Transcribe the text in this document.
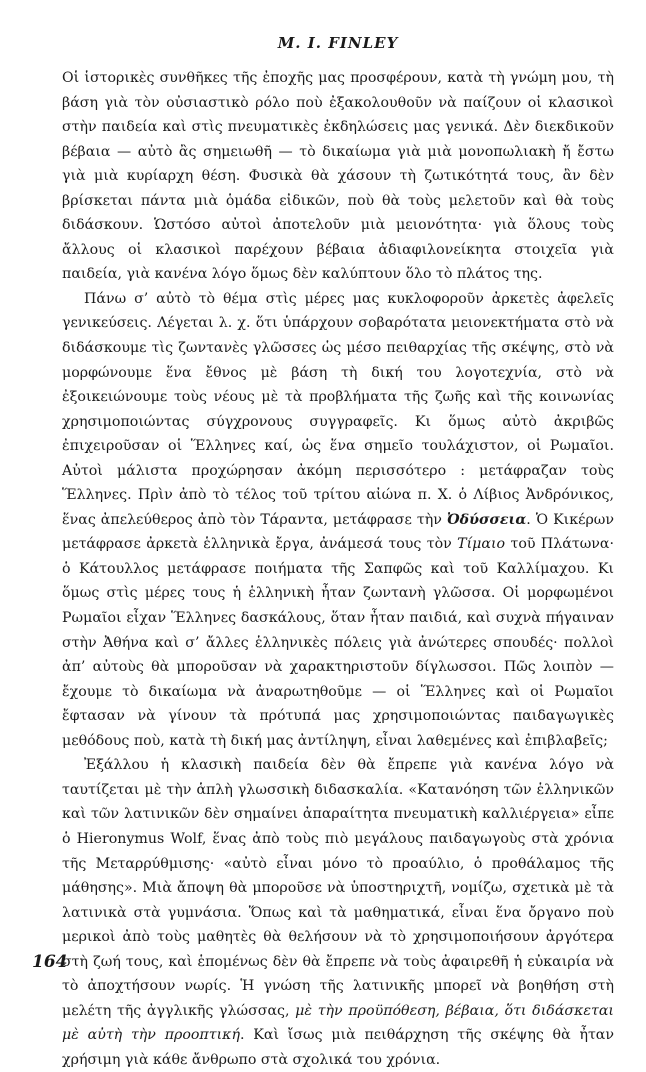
M. I. FINLEY

Οἱ ἱστορικὲς συνθῆκες τῆς ἐποχῆς μας προσφέρουν, κατὰ τὴ γνώμη μου, τὴ βάση γιὰ τὸν οὐσιαστικὸ ρόλο ποὺ ἐξακολουθοῦν νὰ παίζουν οἱ κλασικοὶ στὴν παιδεία καὶ στὶς πνευματικὲς ἐκδηλώσεις μας γενικά. Δὲν διεκδικοῦν βέβαια — αὐτὸ ἂς σημειωθῆ — τὸ δικαίωμα γιὰ μιὰ μονοπωλιακὴ ἤ ἔστω γιὰ μιὰ κυρίαρχη θέση. Φυσικὰ θὰ χάσουν τὴ ζωτικότητά τους, ἂν δὲν βρίσκεται πάντα μιὰ ὁμάδα εἰδικῶν, ποὺ θὰ τοὺς μελετοῦν καὶ θὰ τοὺς διδάσκουν. Ὡστόσο αὐτοὶ ἀποτελοῦν μιὰ μειονότητα· γιὰ ὅλους τοὺς ἄλλους οἱ κλασικοὶ παρέχουν βέβαια ἀδιαφιλονείκητα στοιχεῖα γιὰ παιδεία, γιὰ κανένα λόγο ὅμως δὲν καλύπτουν ὅλο τὸ πλάτος της.

Πάνω σ’ αὐτὸ τὸ θέμα στὶς μέρες μας κυκλοφοροῦν ἀρκετὲς ἀφελεῖς γενικεύσεις. Λέγεται λ. χ. ὅτι ὑπάρχουν σοβαρότατα μειονεκτήματα στὸ νὰ διδάσκουμε τὶς ζωντανὲς γλῶσσες ὡς μέσο πειθαρχίας τῆς σκέψης, στὸ νὰ μορφώνουμε ἕνα ἔθνος μὲ βάση τὴ δική του λογοτεχνία, στὸ νὰ ἐξοικειώνουμε τοὺς νέους μὲ τὰ προβλήματα τῆς ζωῆς καὶ τῆς κοινωνίας χρησιμοποιώντας σύγχρονους συγγραφεῖς. Κι ὅμως αὐτὸ ἀκριβῶς ἐπιχειροῦσαν οἱ Ἕλληνες καί, ὡς ἕνα σημεῖο τουλάχιστον, οἱ Ρωμαῖοι. Αὐτοὶ μάλιστα προχώρησαν ἀκόμη περισσότερο : μετάφραζαν τοὺς Ἕλληνες. Πρὶν ἀπὸ τὸ τέλος τοῦ τρίτου αἰώνα π. Χ. ὁ Λίβιος Ἀνδρόνικος, ἕνας ἀπελεύθερος ἀπὸ τὸν Τάραντα, μετάφρασε τὴν Ὀδύσσεια. Ὁ Κικέρων μετάφρασε ἀρκετὰ ἑλληνικὰ ἔργα, ἀνάμεσά τους τὸν Τίμαιο τοῦ Πλάτωνα· ὁ Κάτουλλος μετάφρασε ποιήματα τῆς Σαπφῶς καὶ τοῦ Καλλίμαχου. Κι ὅμως στὶς μέρες τους ἡ ἑλληνικὴ ἦταν ζωντανὴ γλῶσσα. Οἱ μορφωμένοι Ρωμαῖοι εἶχαν Ἕλληνες δασκάλους, ὅταν ἦταν παιδιά, καὶ συχνὰ πήγαιναν στὴν Ἀθήνα καὶ σ’ ἄλλες ἑλληνικὲς πόλεις γιὰ ἀνώτερες σπουδές· πολλοὶ ἀπ’ αὐτοὺς θὰ μποροῦσαν νὰ χαρακτηριστοῦν δίγλωσσοι. Πῶς λοιπὸν — ἔχουμε τὸ δικαίωμα νὰ ἀναρωτηθοῦμε — οἱ Ἕλληνες καὶ οἱ Ρωμαῖοι ἔφτασαν νὰ γίνουν τὰ πρότυπά μας χρησιμοποιώντας παιδαγωγικὲς μεθόδους ποὺ, κατὰ τὴ δική μας ἀντίληψη, εἶναι λαθεμένες καὶ ἐπιβλαβεῖς;

Ἐξάλλου ἡ κλασικὴ παιδεία δὲν θὰ ἔπρεπε γιὰ κανένα λόγο νὰ ταυτίζεται μὲ τὴν ἁπλὴ γλωσσικὴ διδασκαλία. «Κατανόηση τῶν ἑλληνικῶν καὶ τῶν λατινικῶν δὲν σημαίνει ἀπαραίτητα πνευματικὴ καλλιέργεια» εἶπε ὁ Hieronymus Wolf, ἕνας ἀπὸ τοὺς πιὸ μεγάλους παιδαγωγοὺς στὰ χρόνια τῆς Μεταρρύθμισης· «αὐτὸ εἶναι μόνο τὸ προαύλιο, ὁ προθάλαμος τῆς μάθησης». Μιὰ ἄποψη θὰ μποροῦσε νὰ ὑποστηριχτῆ, νομίζω, σχετικὰ μὲ τὰ λατινικὰ στὰ γυμνάσια. Ὅπως καὶ τὰ μαθηματικά, εἶναι ἕνα ὄργανο ποὺ μερικοὶ ἀπὸ τοὺς μαθητὲς θὰ θελήσουν νὰ τὸ χρησιμοποιήσουν ἀργότερα στὴ ζωή τους, καὶ ἑπομένως δὲν θὰ ἔπρεπε νὰ τοὺς ἀφαιρεθῆ ἡ εὐκαιρία νὰ τὸ ἀποχτήσουν νωρίς. Ἡ γνώση τῆς λατινικῆς μπορεῖ νὰ βοηθήση στὴ μελέτη τῆς ἀγγλικῆς γλώσσας, μὲ τὴν προϋπόθεση, βέβαια, ὅτι διδάσκεται μὲ αὐτὴ τὴν προοπτική. Καὶ ἴσως μιὰ πειθάρχηση τῆς σκέψης θὰ ἦταν χρήσιμη γιὰ κάθε ἄνθρωπο στὰ σχολικά του χρόνια.

164
